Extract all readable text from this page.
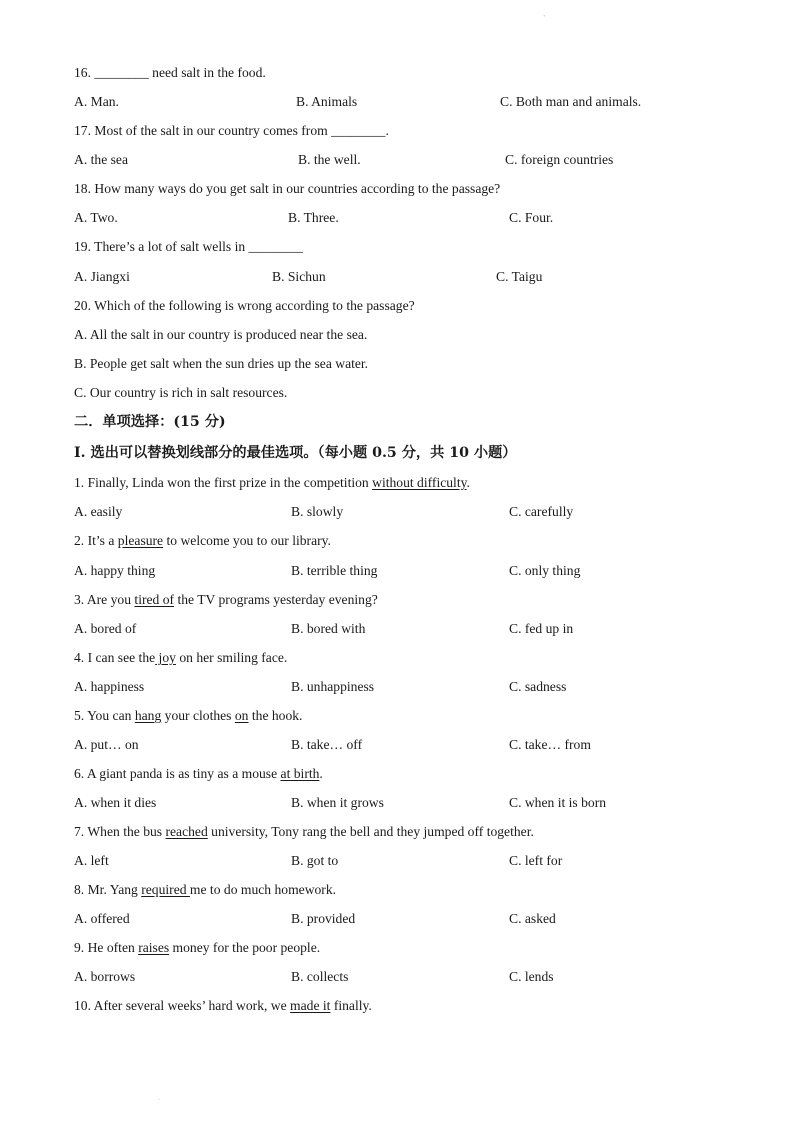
`
16. ________ need salt in the food.
A. Man.	B. Animals	C. Both man and animals.
17. Most of the salt in our country comes from ________.
A. the sea	B. the well.	C. foreign countries
18. How many ways do you get salt in our countries according to the passage?
A. Two.	B. Three.	C. Four.
19. There’s a lot of salt wells in ________
A. Jiangxi	B. Sichun	C. Taigu
20. Which of the following is wrong according to the passage?
A. All the salt in our country is produced near the sea.
B. People get salt when the sun dries up the sea water.
C. Our country is rich in salt resources.
二．单项选择：(15 分)
I. 选出可以替换划线部分的最佳选项。（每小题 0.5 分，共 10 小题）
1. Finally, Linda won the first prize in the competition without difficulty.
A. easily	B. slowly	C. carefully
2. It’s a pleasure to welcome you to our library.
A. happy thing	B. terrible thing	C. only thing
3. Are you tired of the TV programs yesterday evening?
A. bored of	B. bored with	C. fed up in
4. I can see the joy on her smiling face.
A. happiness	B. unhappiness	C. sadness
5. You can hang your clothes on the hook.
A. put… on	B. take… off	C. take… from
6. A giant panda is as tiny as a mouse at birth.
A. when it dies	B. when it grows	C. when it is born
7. When the bus reached university, Tony rang the bell and they jumped off together.
A. left	B. got to	C. left for
8. Mr. Yang required me to do much homework.
A. offered	B. provided	C. asked
9. He often raises money for the poor people.
A. borrows	B. collects	C. lends
10. After several weeks’ hard work, we made it finally.
·
